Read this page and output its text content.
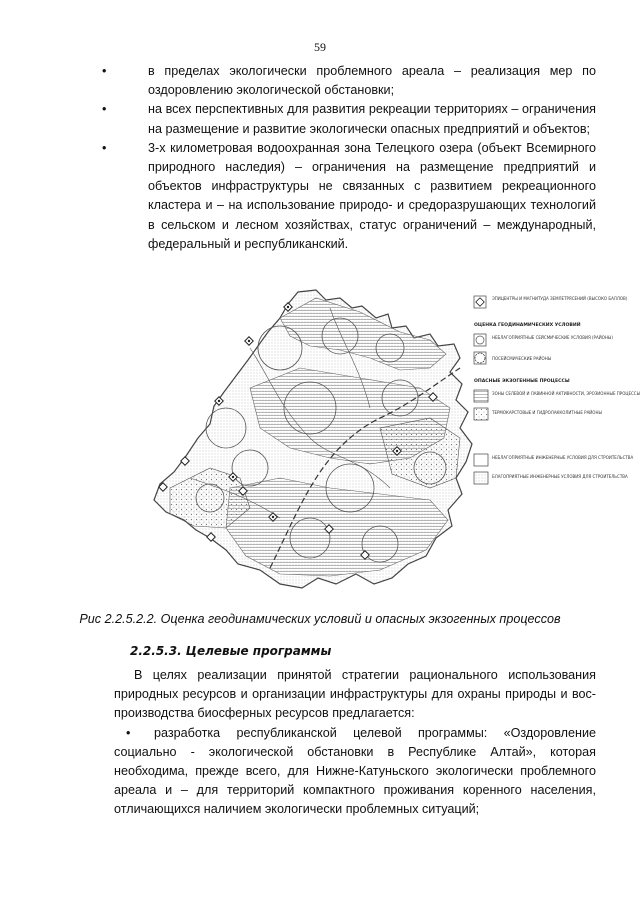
59
•	в пределах экологически проблемного ареала – реализация мер по оздоровлению экологической обстановки;
•	на всех перспективных для развития рекреации территориях – ограничения на размещение и развитие экологически опасных предприятий и объектов;
•	3-х километровая водоохранная зона Телецкого озера (объект Всемирного природного наследия) – ограничения на размещение предприятий и объектов инфраструктуры не связанных с развитием рекреационного кластера и – на использование природо- и средоразрушающих технологий в сельском и лесном хозяйствах, статус ограничений – международный, федеральный и республиканский.
ЭПИЦЕНТРЫ И МАГНИТУДА ЗЕМЛЕТРЯСЕНИЙ (ВЫСОКО БАЛЛОВ)
ОЦЕНКА ГЕОДИНАМИЧЕСКИХ УСЛОВИЙ
НЕБЛАГОПРИЯТНЫЕ СЕЙСМИЧЕСКИЕ УСЛОВИЯ (РАЙОНЫ)
ПОСЕЙСМИЧЕСКИЕ РАЙОНЫ
ОПАСНЫЕ ЭКЗОГЕННЫЕ ПРОЦЕССЫ
ЗОНЫ СЕЛЕВОЙ И ЛАВИННОЙ АКТИВНОСТИ, ЭРОЗИОННЫЕ ПРОЦЕССЫ
ТЕРМОКАРСТОВЫЕ И ГИДРОЛАККОЛИТНЫЕ РАЙОНЫ
НЕБЛАГОПРИЯТНЫЕ ИНЖЕНЕРНЫЕ УСЛОВИЯ ДЛЯ СТРОИТЕЛЬСТВА
БЛАГОПРИЯТНЫЕ ИНЖЕНЕРНЫЕ УСЛОВИЯ ДЛЯ СТРОИТЕЛЬСТВА
Рис 2.2.5.2.2. Оценка геодинамических условий и опасных экзогенных процессов
2.2.5.3. Целевые программы

В целях реализации принятой стратегии рационального использования природных ресурсов и организации инфраструктуры для охраны природы и вос-производства биосферных ресурсов предлагается:

• разработка республиканской целевой программы: «Оздоровление социально - экологической обстановки в Республике Алтай», которая необходима, прежде всего, для Нижне-Катуньского экологически проблемного ареала и – для территорий компактного проживания коренного населения, отличающихся наличием экологически проблемных ситуаций;
